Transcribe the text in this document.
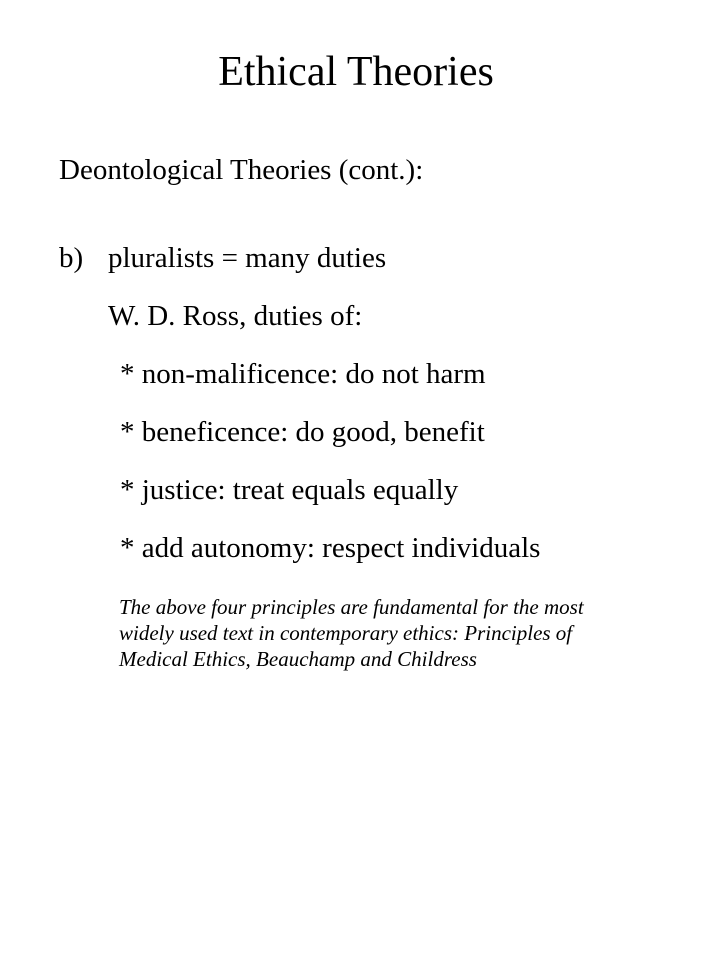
Ethical Theories
Deontological Theories (cont.):
b) pluralists = many duties
W. D. Ross, duties of:
* non-malificence: do not harm
* beneficence: do good, benefit
* justice: treat equals equally
* add autonomy: respect individuals
The above four principles are fundamental for the most
widely used text in contemporary ethics: Principles of
Medical Ethics, Beauchamp and Childress
